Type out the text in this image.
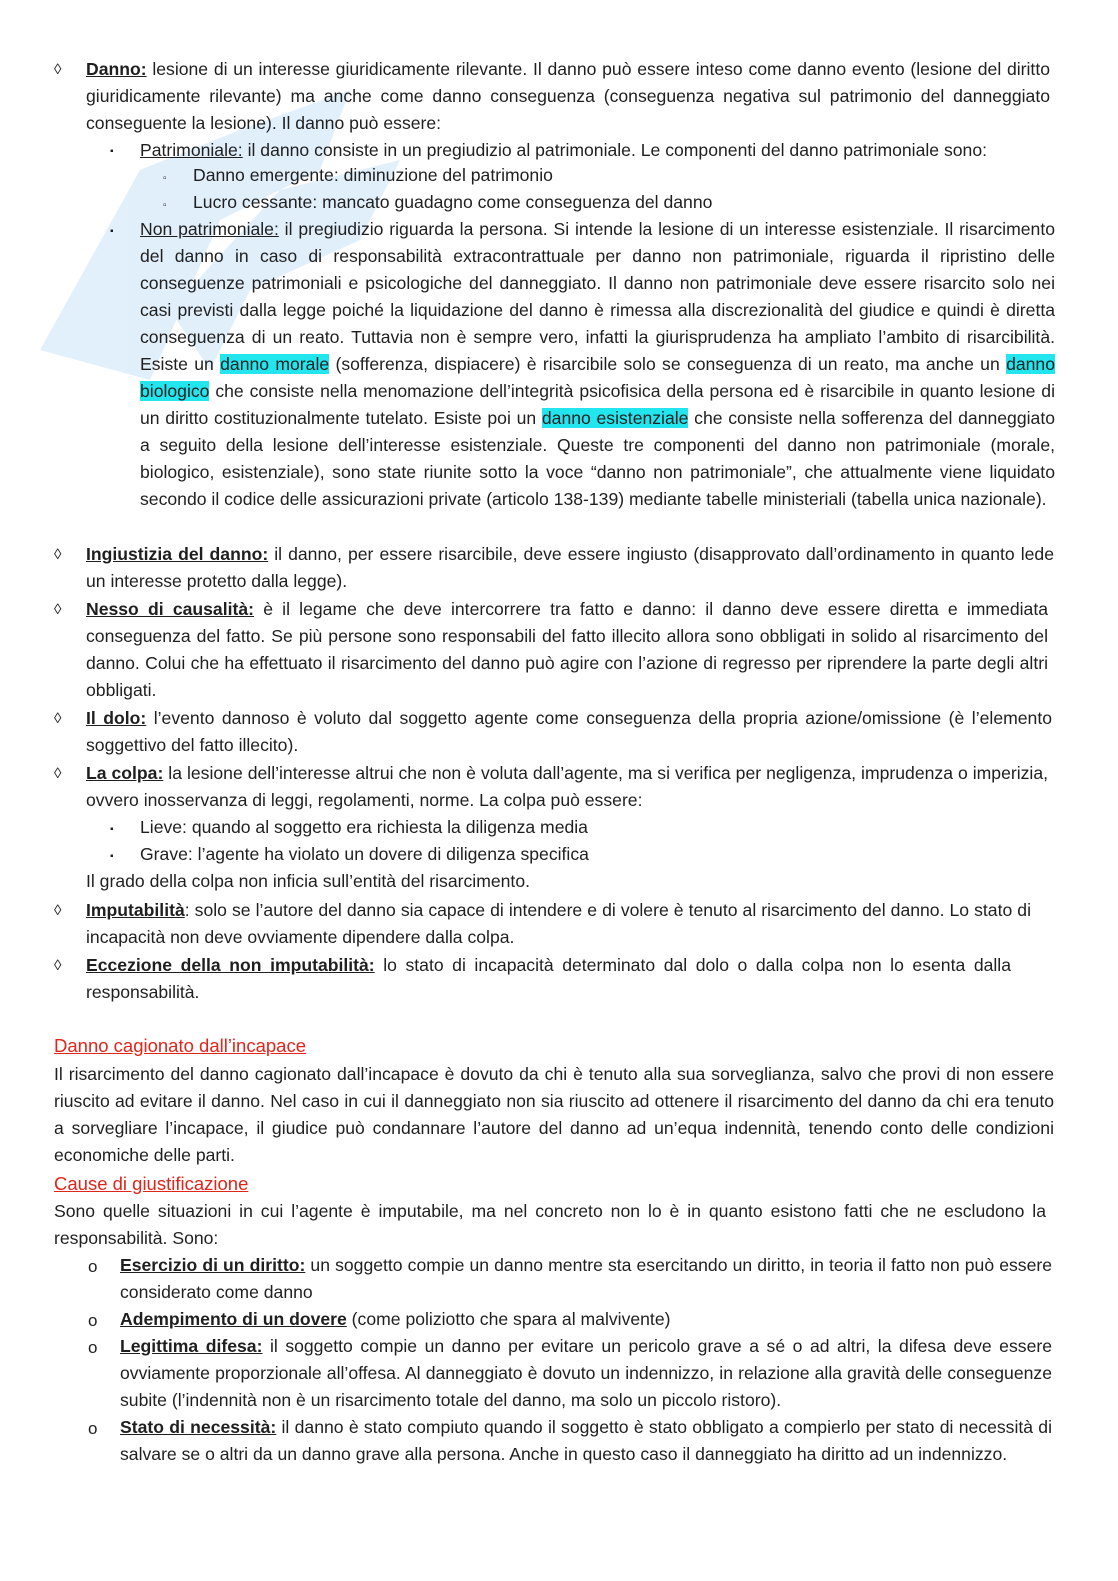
◊ Danno: lesione di un interesse giuridicamente rilevante. Il danno può essere inteso come danno evento (lesione del diritto giuridicamente rilevante) ma anche come danno conseguenza (conseguenza negativa sul patrimonio del danneggiato conseguente la lesione). Il danno può essere:

▪ Patrimoniale: il danno consiste in un pregiudizio al patrimoniale. Le componenti del danno patrimoniale sono:

▫ Danno emergente: diminuzione del patrimonio

▫ Lucro cessante: mancato guadagno come conseguenza del danno

▪ Non patrimoniale: il pregiudizio riguarda la persona. Si intende la lesione di un interesse esistenziale. Il risarcimento del danno in caso di responsabilità extracontrattuale per danno non patrimoniale, riguarda il ripristino delle conseguenze patrimoniali e psicologiche del danneggiato. Il danno non patrimoniale deve essere risarcito solo nei casi previsti dalla legge poiché la liquidazione del danno è rimessa alla discrezionalità del giudice e quindi è diretta conseguenza di un reato. Tuttavia non è sempre vero, infatti la giurisprudenza ha ampliato l’ambito di risarcibilità. Esiste un danno morale (sofferenza, dispiacere) è risarcibile solo se conseguenza di un reato, ma anche un danno biologico che consiste nella menomazione dell’integrità psicofisica della persona ed è risarcibile in quanto lesione di un diritto costituzionalmente tutelato. Esiste poi un danno esistenziale che consiste nella sofferenza del danneggiato a seguito della lesione dell’interesse esistenziale. Queste tre componenti del danno non patrimoniale (morale, biologico, esistenziale), sono state riunite sotto la voce “danno non patrimoniale”, che attualmente viene liquidato secondo il codice delle assicurazioni private (articolo 138-139) mediante tabelle ministeriali (tabella unica nazionale).

◊ Ingiustizia del danno: il danno, per essere risarcibile, deve essere ingiusto (disapprovato dall’ordinamento in quanto lede un interesse protetto dalla legge).

◊ Nesso di causalità: è il legame che deve intercorrere tra fatto e danno: il danno deve essere diretta e immediata conseguenza del fatto. Se più persone sono responsabili del fatto illecito allora sono obbligati in solido al risarcimento del danno. Colui che ha effettuato il risarcimento del danno può agire con l’azione di regresso per riprendere la parte degli altri obbligati.

◊ Il dolo: l’evento dannoso è voluto dal soggetto agente come conseguenza della propria azione/omissione (è l’elemento soggettivo del fatto illecito).

◊ La colpa: la lesione dell’interesse altrui che non è voluta dall’agente, ma si verifica per negligenza, imprudenza o imperizia, ovvero inosservanza di leggi, regolamenti, norme. La colpa può essere:

▪ Lieve: quando al soggetto era richiesta la diligenza media

▪ Grave: l’agente ha violato un dovere di diligenza specifica

Il grado della colpa non inficia sull’entità del risarcimento.

◊ Imputabilità: solo se l’autore del danno sia capace di intendere e di volere è tenuto al risarcimento del danno. Lo stato di incapacità non deve ovviamente dipendere dalla colpa.

◊ Eccezione della non imputabilità: lo stato di incapacità determinato dal dolo o dalla colpa non lo esenta dalla responsabilità.

Danno cagionato dall’incapace

Il risarcimento del danno cagionato dall’incapace è dovuto da chi è tenuto alla sua sorveglianza, salvo che provi di non essere riuscito ad evitare il danno. Nel caso in cui il danneggiato non sia riuscito ad ottenere il risarcimento del danno da chi era tenuto a sorvegliare l’incapace, il giudice può condannare l’autore del danno ad un’equa indennità, tenendo conto delle condizioni economiche delle parti.

Cause di giustificazione

Sono quelle situazioni in cui l’agente è imputabile, ma nel concreto non lo è in quanto esistono fatti che ne escludono la responsabilità. Sono:

o Esercizio di un diritto: un soggetto compie un danno mentre sta esercitando un diritto, in teoria il fatto non può essere considerato come danno

o Adempimento di un dovere (come poliziotto che spara al malvivente)

o Legittima difesa: il soggetto compie un danno per evitare un pericolo grave a sé o ad altri, la difesa deve essere ovviamente proporzionale all’offesa. Al danneggiato è dovuto un indennizzo, in relazione alla gravità delle conseguenze subite (l’indennità non è un risarcimento totale del danno, ma solo un piccolo ristoro).

o Stato di necessità: il danno è stato compiuto quando il soggetto è stato obbligato a compierlo per stato di necessità di salvare se o altri da un danno grave alla persona. Anche in questo caso il danneggiato ha diritto ad un indennizzo.
